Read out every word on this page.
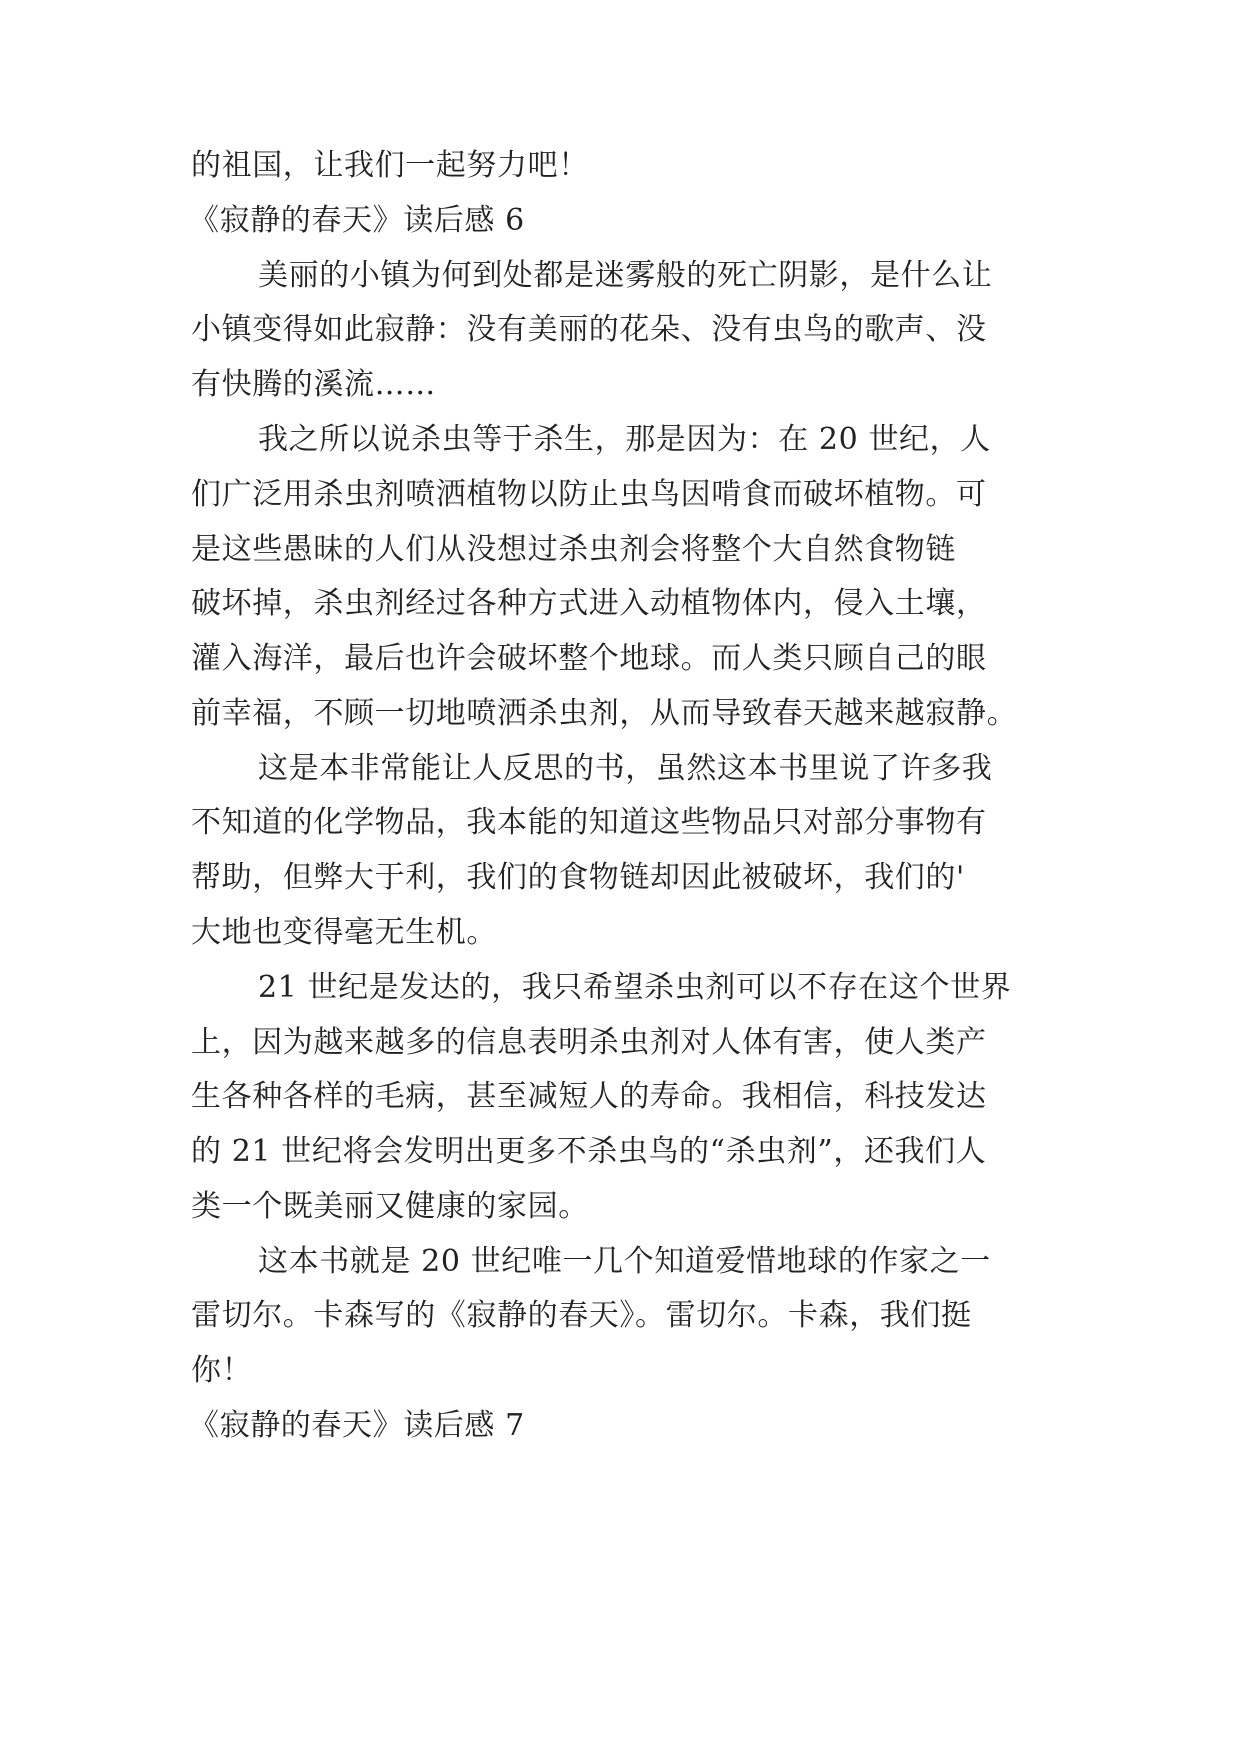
的祖国，让我们一起努力吧！
《寂静的春天》读后感 6
美丽的小镇为何到处都是迷雾般的死亡阴影，是什么让
小镇变得如此寂静：没有美丽的花朵、没有虫鸟的歌声、没
有快腾的溪流……
我之所以说杀虫等于杀生，那是因为：在 20 世纪，人
们广泛用杀虫剂喷洒植物以防止虫鸟因啃食而破坏植物。可
是这些愚昧的人们从没想过杀虫剂会将整个大自然食物链
破坏掉，杀虫剂经过各种方式进入动植物体内，侵入土壤，
灌入海洋，最后也许会破坏整个地球。而人类只顾自己的眼
前幸福，不顾一切地喷洒杀虫剂，从而导致春天越来越寂静。
这是本非常能让人反思的书，虽然这本书里说了许多我
不知道的化学物品，我本能的知道这些物品只对部分事物有
帮助，但弊大于利，我们的食物链却因此被破坏，我们的'
大地也变得毫无生机。
21 世纪是发达的，我只希望杀虫剂可以不存在这个世界
上，因为越来越多的信息表明杀虫剂对人体有害，使人类产
生各种各样的毛病，甚至减短人的寿命。我相信，科技发达
的 21 世纪将会发明出更多不杀虫鸟的“杀虫剂”，还我们人
类一个既美丽又健康的家园。
这本书就是 20 世纪唯一几个知道爱惜地球的作家之一
雷切尔。卡森写的《寂静的春天》。雷切尔。卡森，我们挺
你！
《寂静的春天》读后感 7
